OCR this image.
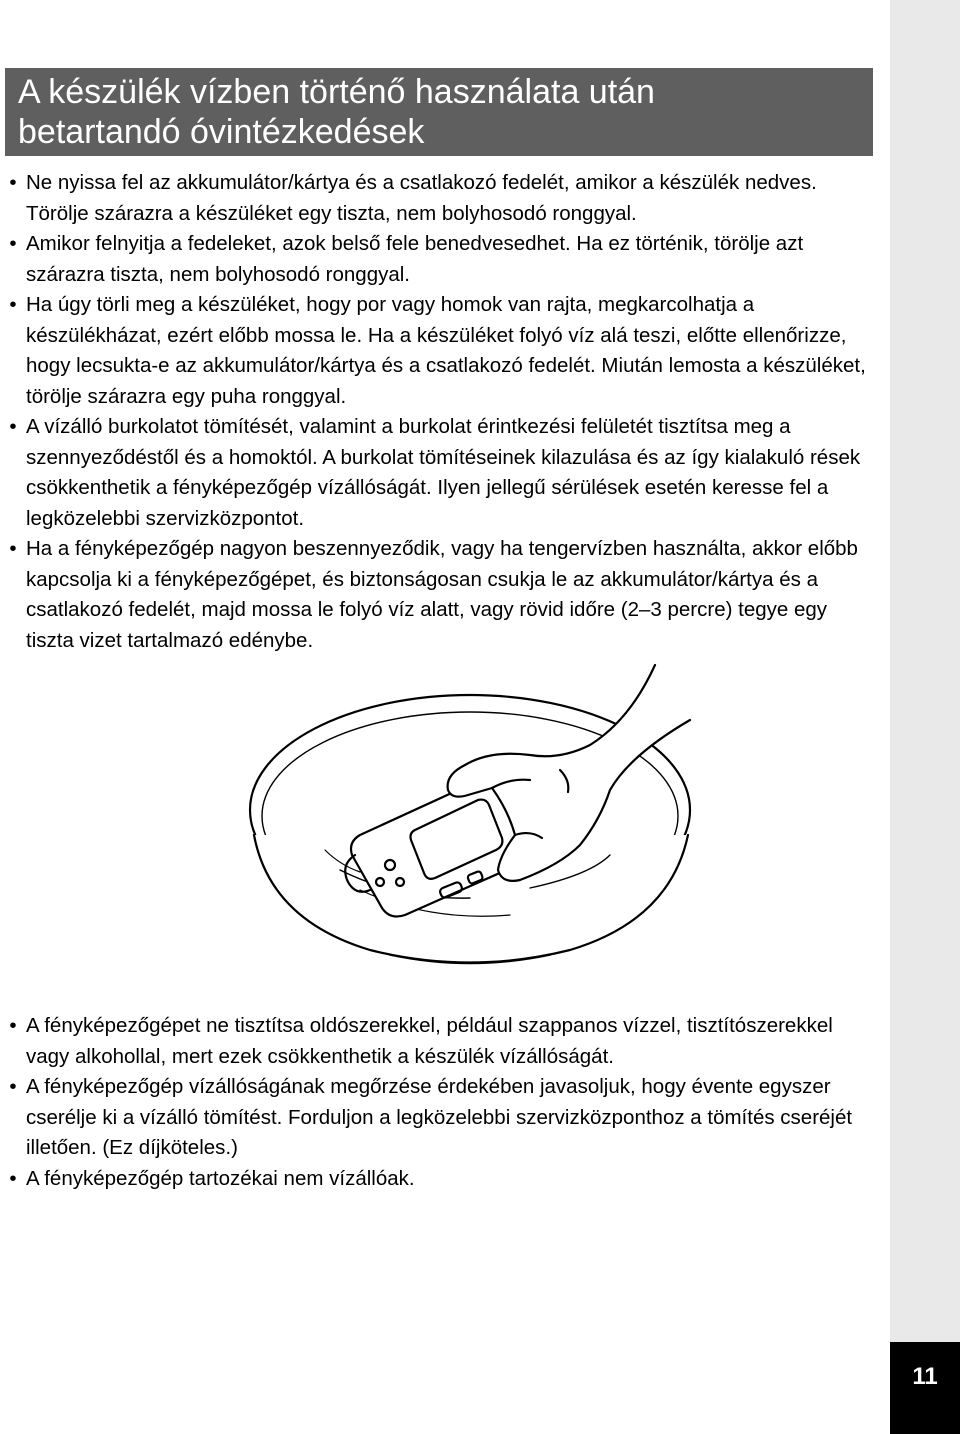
A készülék vízben történő használata után
betartandó óvintézkedések
• Ne nyissa fel az akkumulátor/kártya és a csatlakozó fedelét, amikor a készülék nedves. Törölje szárazra a készüléket egy tiszta, nem bolyhosodó ronggyal.
• Amikor felnyitja a fedeleket, azok belső fele benedvesedhet. Ha ez történik, törölje azt szárazra tiszta, nem bolyhosodó ronggyal.
• Ha úgy törli meg a készüléket, hogy por vagy homok van rajta, megkarcolhatja a készülékházat, ezért előbb mossa le. Ha a készüléket folyó víz alá teszi, előtte ellenőrizze, hogy lecsukta-e az akkumulátor/kártya és a csatlakozó fedelét. Miután lemosta a készüléket, törölje szárazra egy puha ronggyal.
• A vízálló burkolatot tömítését, valamint a burkolat érintkezési felületét tisztítsa meg a szennyeződéstől és a homoktól. A burkolat tömítéseinek kilazulása és az így kialakuló rések csökkenthetik a fényképezőgép vízállóságát. Ilyen jellegű sérülések esetén keresse fel a legközelebbi szervizközpontot.
• Ha a fényképezőgép nagyon beszennyeződik, vagy ha tengervízben használta, akkor előbb kapcsolja ki a fényképezőgépet, és biztonságosan csukja le az akkumulátor/kártya és a csatlakozó fedelét, majd mossa le folyó víz alatt, vagy rövid időre (2–3 percre) tegye egy tiszta vizet tartalmazó edénybe.
• A fényképezőgépet ne tisztítsa oldószerekkel, például szappanos vízzel, tisztítószerekkel vagy alkohollal, mert ezek csökkenthetik a készülék vízállóságát.
• A fényképezőgép vízállóságának megőrzése érdekében javasoljuk, hogy évente egyszer cserélje ki a vízálló tömítést. Forduljon a legközelebbi szervizközponthoz a tömítés cseréjét illetően. (Ez díjköteles.)
• A fényképezőgép tartozékai nem vízállóak.
11
